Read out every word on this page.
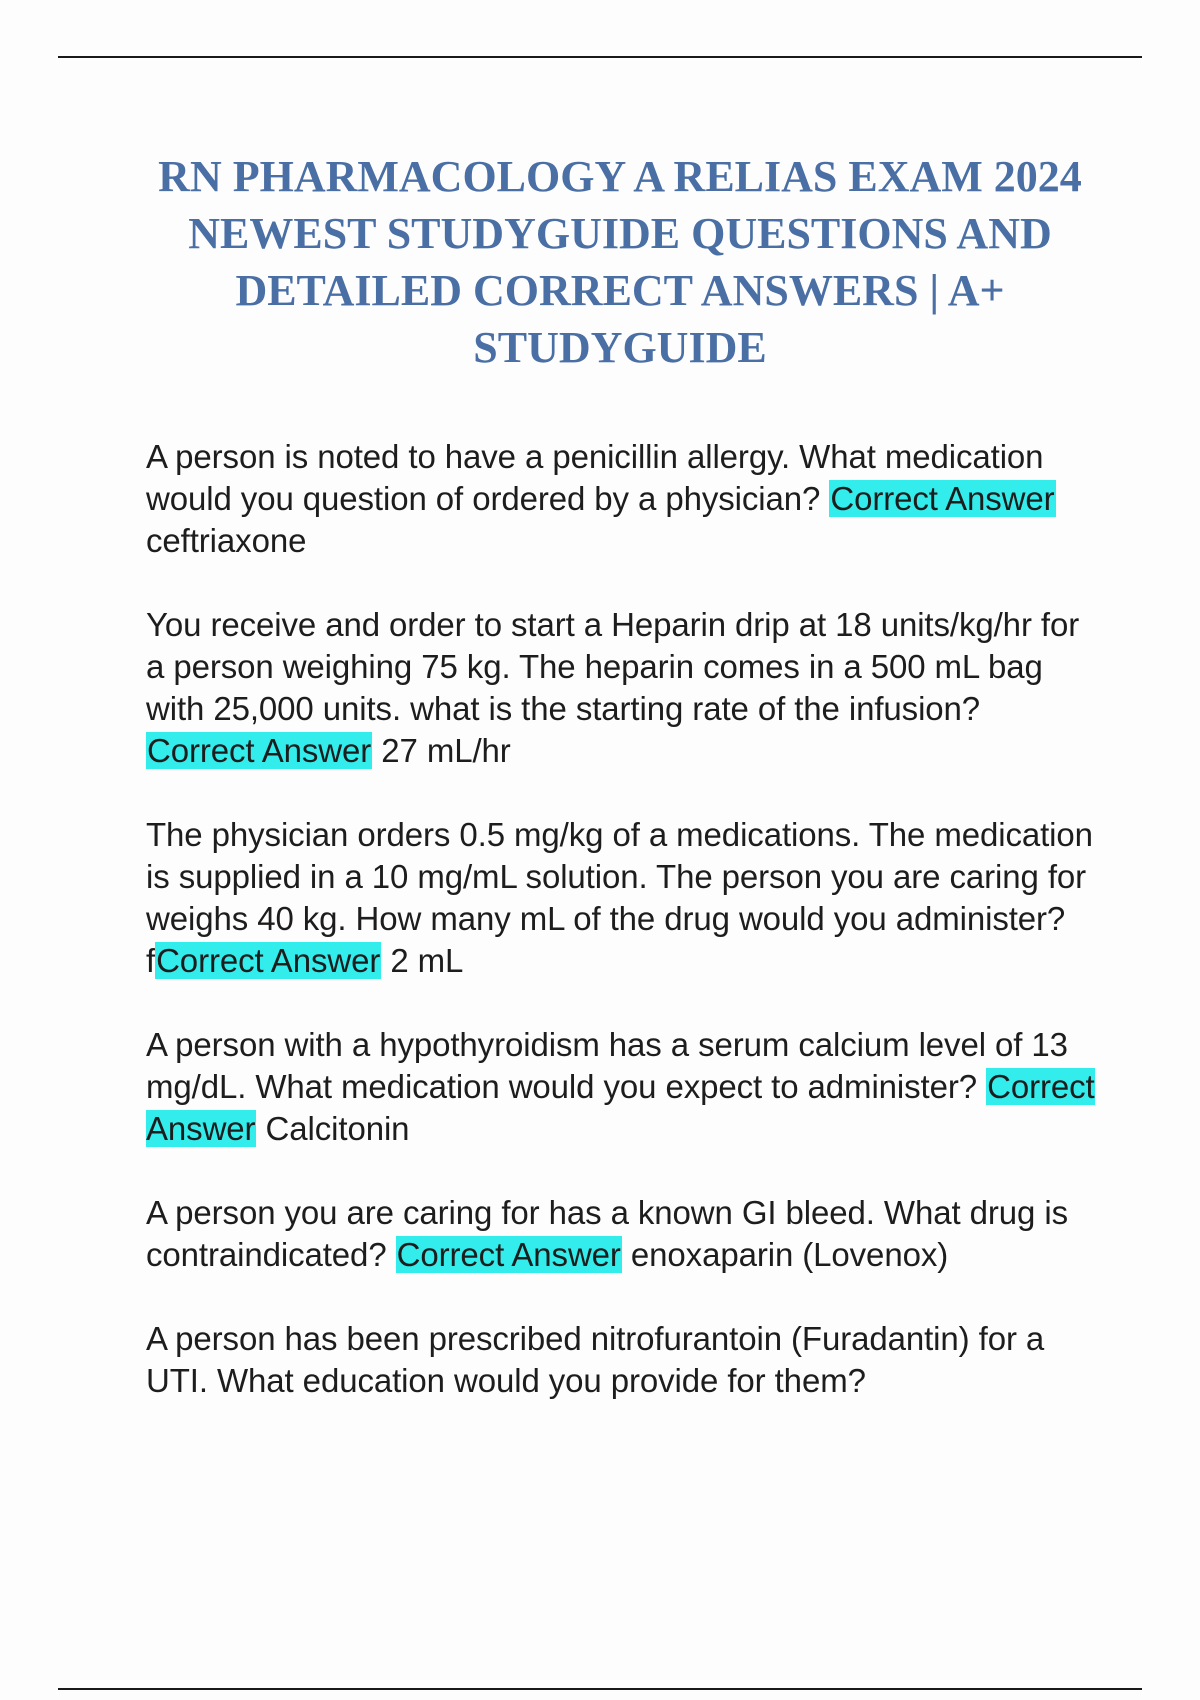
RN PHARMACOLOGY A RELIAS EXAM 2024 NEWEST STUDYGUIDE QUESTIONS AND DETAILED CORRECT ANSWERS | A+ STUDYGUIDE
A person is noted to have a penicillin allergy. What medication would you question of ordered by a physician? Correct Answer ceftriaxone
You receive and order to start a Heparin drip at 18 units/kg/hr for a person weighing 75 kg. The heparin comes in a 500 mL bag with 25,000 units. what is the starting rate of the infusion? Correct Answer 27 mL/hr
The physician orders 0.5 mg/kg of a medications. The medication is supplied in a 10 mg/mL solution. The person you are caring for weighs 40 kg. How many mL of the drug would you administer?fCorrect Answer 2 mL
A person with a hypothyroidism has a serum calcium level of 13 mg/dL. What medication would you expect to administer? Correct Answer Calcitonin
A person you are caring for has a known GI bleed. What drug is contraindicated? Correct Answer enoxaparin (Lovenox)
A person has been prescribed nitrofurantoin (Furadantin) for a UTI. What education would you provide for them?
